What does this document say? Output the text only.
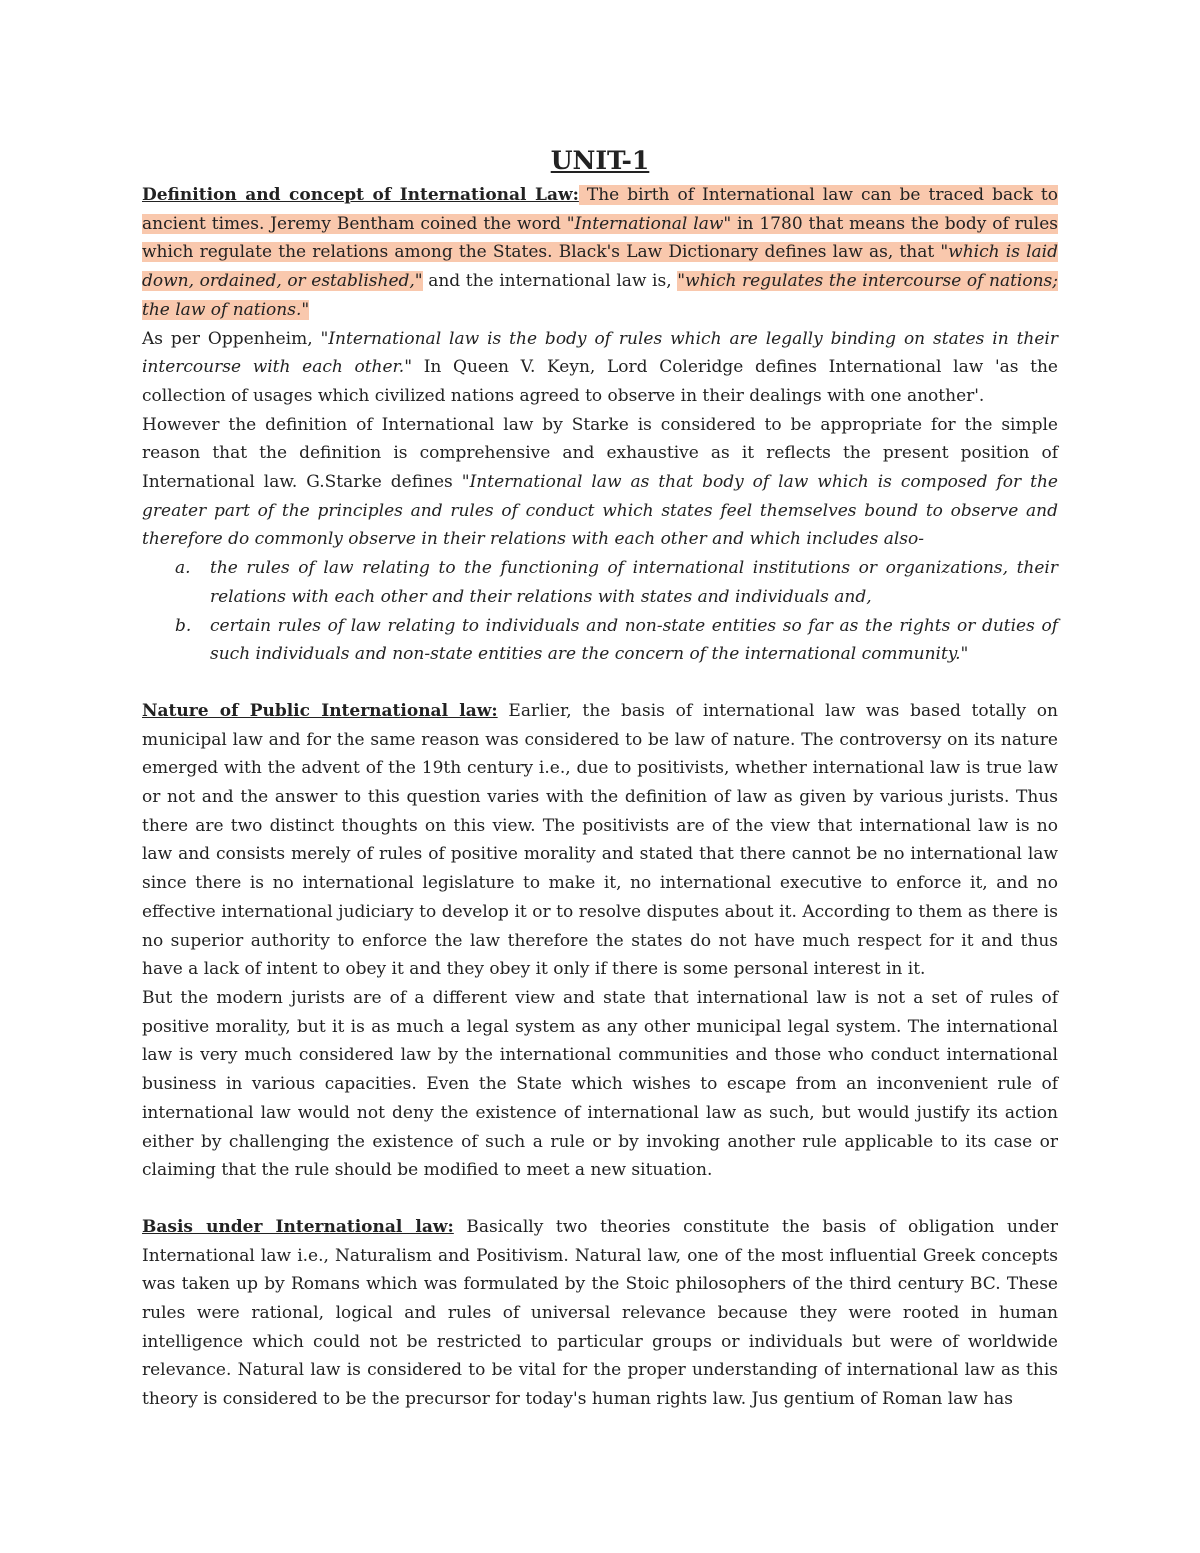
UNIT-1

Definition and concept of International Law: The birth of International law can be traced back to ancient times. Jeremy Bentham coined the word "International law" in 1780 that means the body of rules which regulate the relations among the States. Black's Law Dictionary defines law as, that "which is laid down, ordained, or established," and the international law is, "which regulates the intercourse of nations; the law of nations."

As per Oppenheim, "International law is the body of rules which are legally binding on states in their intercourse with each other." In Queen V. Keyn, Lord Coleridge defines International law 'as the collection of usages which civilized nations agreed to observe in their dealings with one another'.

However the definition of International law by Starke is considered to be appropriate for the simple reason that the definition is comprehensive and exhaustive as it reflects the present position of International law. G.Starke defines "International law as that body of law which is composed for the greater part of the principles and rules of conduct which states feel themselves bound to observe and therefore do commonly observe in their relations with each other and which includes also-

a. the rules of law relating to the functioning of international institutions or organizations, their relations with each other and their relations with states and individuals and,
b. certain rules of law relating to individuals and non-state entities so far as the rights or duties of such individuals and non-state entities are the concern of the international community."

Nature of Public International law: Earlier, the basis of international law was based totally on municipal law and for the same reason was considered to be law of nature. The controversy on its nature emerged with the advent of the 19th century i.e., due to positivists, whether international law is true law or not and the answer to this question varies with the definition of law as given by various jurists. Thus there are two distinct thoughts on this view. The positivists are of the view that international law is no law and consists merely of rules of positive morality and stated that there cannot be no international law since there is no international legislature to make it, no international executive to enforce it, and no effective international judiciary to develop it or to resolve disputes about it. According to them as there is no superior authority to enforce the law therefore the states do not have much respect for it and thus have a lack of intent to obey it and they obey it only if there is some personal interest in it.

But the modern jurists are of a different view and state that international law is not a set of rules of positive morality, but it is as much a legal system as any other municipal legal system. The international law is very much considered law by the international communities and those who conduct international business in various capacities. Even the State which wishes to escape from an inconvenient rule of international law would not deny the existence of international law as such, but would justify its action either by challenging the existence of such a rule or by invoking another rule applicable to its case or claiming that the rule should be modified to meet a new situation.

Basis under International law: Basically two theories constitute the basis of obligation under International law i.e., Naturalism and Positivism. Natural law, one of the most influential Greek concepts was taken up by Romans which was formulated by the Stoic philosophers of the third century BC. These rules were rational, logical and rules of universal relevance because they were rooted in human intelligence which could not be restricted to particular groups or individuals but were of worldwide relevance. Natural law is considered to be vital for the proper understanding of international law as this theory is considered to be the precursor for today's human rights law. Jus gentium of Roman law has
